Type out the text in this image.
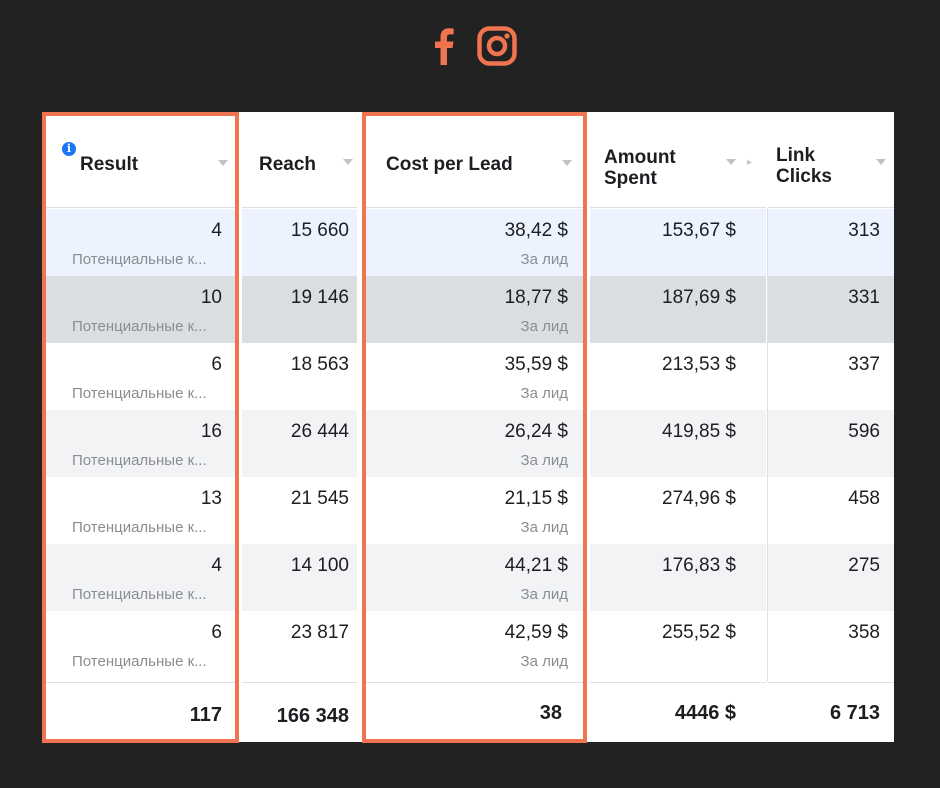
i
Result
4
Потенциальные к...
10
Потенциальные к...
6
Потенциальные к...
16
Потенциальные к...
13
Потенциальные к...
4
Потенциальные к...
6
Потенциальные к...
117
Reach
15 660
19 146
18 563
26 444
21 545
14 100
23 817
166 348
Cost per Lead
38,42 $
За лид
18,77 $
За лид
35,59 $
За лид
26,24 $
За лид
21,15 $
За лид
44,21 $
За лид
42,59 $
За лид
38
Amount
Spent
▸
153,67 $
187,69 $
213,53 $
419,85 $
274,96 $
176,83 $
255,52 $
4446 $
Link
Clicks
313
331
337
596
458
275
358
6 713
